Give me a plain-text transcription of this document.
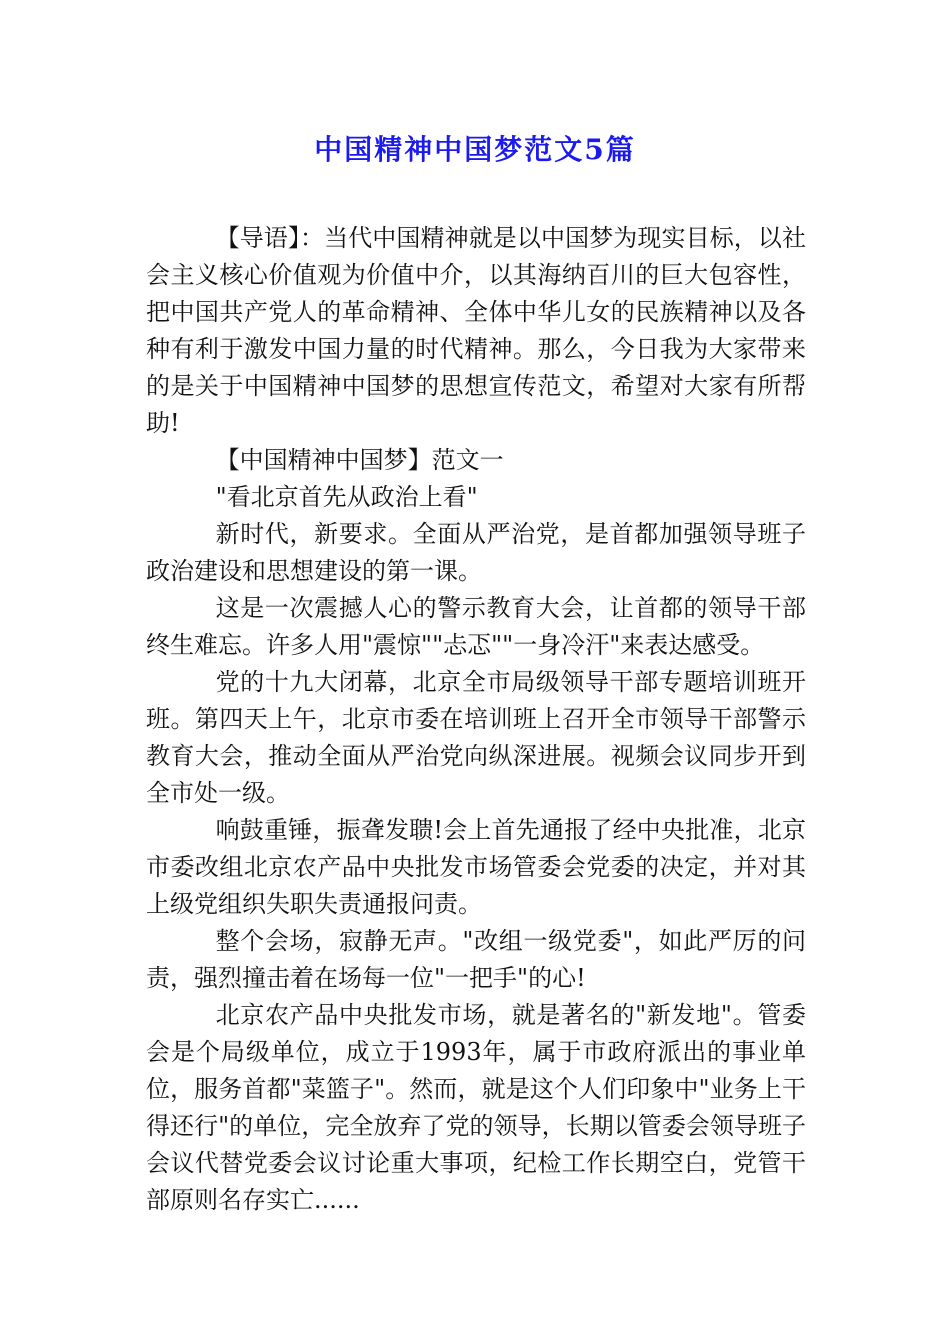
中国精神中国梦范文5篇

【导语】：当代中国精神就是以中国梦为现实目标，以社会主义核心价值观为价值中介，以其海纳百川的巨大包容性，把中国共产党人的革命精神、全体中华儿女的民族精神以及各种有利于激发中国力量的时代精神。那么，今日我为大家带来的是关于中国精神中国梦的思想宣传范文，希望对大家有所帮助!

【中国精神中国梦】范文一

"看北京首先从政治上看"

新时代，新要求。全面从严治党，是首都加强领导班子政治建设和思想建设的第一课。

这是一次震撼人心的警示教育大会，让首都的领导干部终生难忘。许多人用"震惊""忐忑""一身冷汗"来表达感受。

党的十九大闭幕，北京全市局级领导干部专题培训班开班。第四天上午，北京市委在培训班上召开全市领导干部警示教育大会，推动全面从严治党向纵深进展。视频会议同步开到全市处一级。

响鼓重锤，振聋发聩!会上首先通报了经中央批准，北京市委改组北京农产品中央批发市场管委会党委的决定，并对其上级党组织失职失责通报问责。

整个会场，寂静无声。"改组一级党委"，如此严厉的问责，强烈撞击着在场每一位"一把手"的心!

北京农产品中央批发市场，就是著名的"新发地"。管委会是个局级单位，成立于1993年，属于市政府派出的事业单位，服务首都"菜篮子"。然而，就是这个人们印象中"业务上干得还行"的单位，完全放弃了党的领导，长期以管委会领导班子会议代替党委会议讨论重大事项，纪检工作长期空白，党管干部原则名存实亡......
